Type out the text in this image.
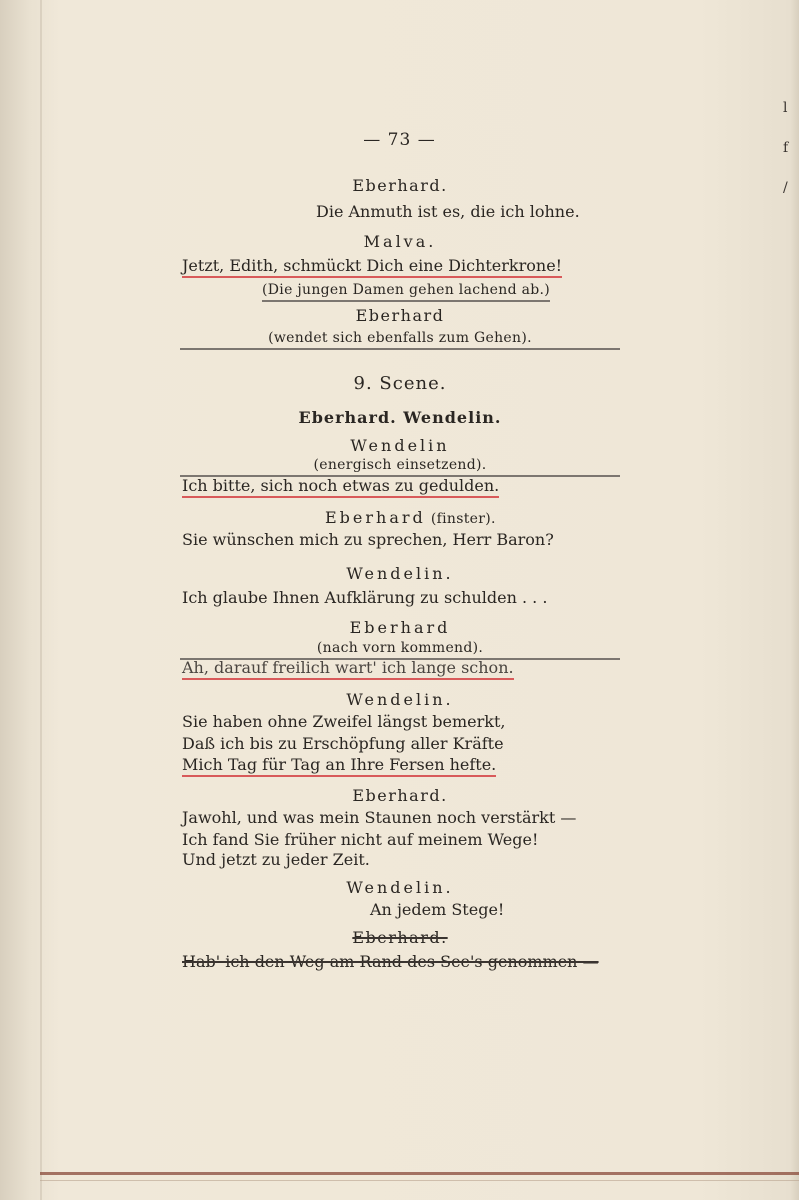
— 73 —
Eberhard.
Die Anmuth ist es, die ich lohne.
Malva.
Jetzt, Edith, schmückt Dich eine Dichterkrone!
(Die jungen Damen gehen lachend ab.)
Eberhard
(wendet sich ebenfalls zum Gehen).
9. Scene.
Eberhard. Wendelin.
Wendelin
(energisch einsetzend).
Ich bitte, sich noch etwas zu gedulden.
Eberhard (finster).
Sie wünschen mich zu sprechen, Herr Baron?
Wendelin.
Ich glaube Ihnen Aufklärung zu schulden . . .
Eberhard
(nach vorn kommend).
Ah, darauf freilich wart' ich lange schon.
Wendelin.
Sie haben ohne Zweifel längst bemerkt,
Daß ich bis zu Erschöpfung aller Kräfte
Mich Tag für Tag an Ihre Fersen hefte.
Eberhard.
Jawohl, und was mein Staunen noch verstärkt —
Ich fand Sie früher nicht auf meinem Wege!
Und jetzt zu jeder Zeit.
Wendelin.
An jedem Stege!
Eberhard.
Hab' ich den Weg am Rand des See's genommen —
l
f
/
